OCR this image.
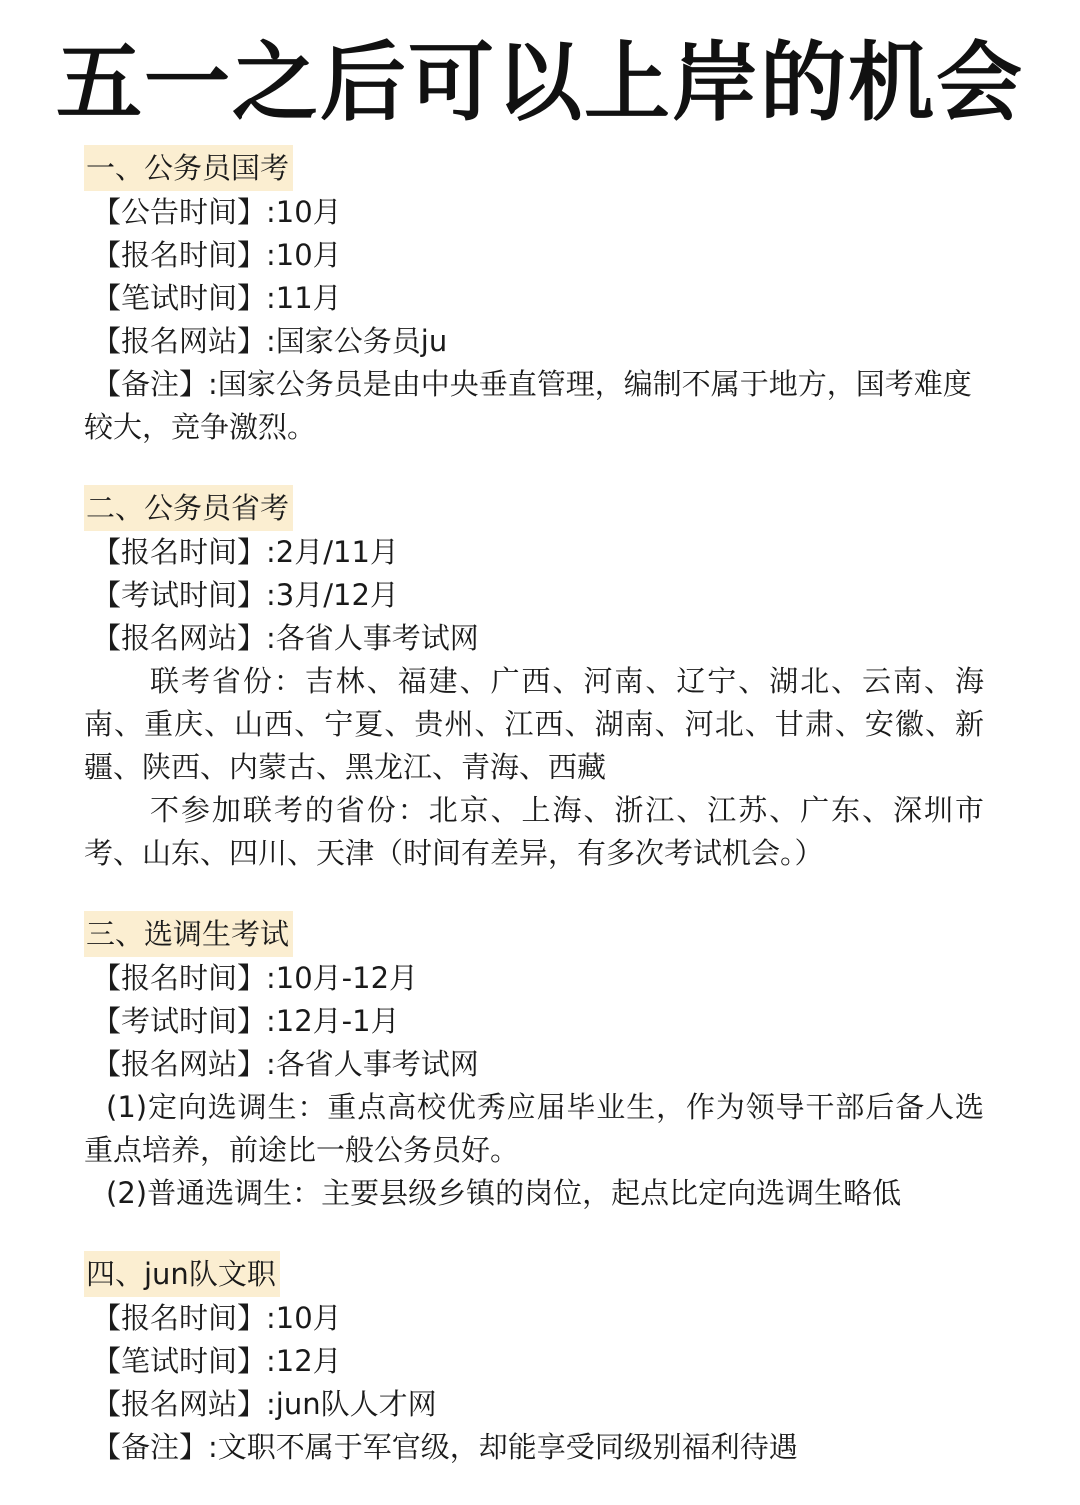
五一之后可以上岸的机会
一、公务员国考
【公告时间】:10月
【报名时间】:10月
【笔试时间】:11月
【报名网站】:国家公务员ju
【备注】:国家公务员是由中央垂直管理，编制不属于地方，国考难度较大，竞争激烈。
二、公务员省考
【报名时间】:2月/11月
【考试时间】:3月/12月
【报名网站】:各省人事考试网
联考省份：吉林、福建、广西、河南、辽宁、湖北、云南、海南、重庆、山西、宁夏、贵州、江西、湖南、河北、甘肃、安徽、新疆、陕西、内蒙古、黑龙江、青海、西藏
不参加联考的省份：北京、上海、浙江、江苏、广东、深圳市考、山东、四川、天津（时间有差异，有多次考试机会。）
三、选调生考试
【报名时间】:10月-12月
【考试时间】:12月-1月
【报名网站】:各省人事考试网
(1)定向选调生：重点高校优秀应届毕业生，作为领导干部后备人选重点培养，前途比一般公务员好。
(2)普通选调生：主要县级乡镇的岗位，起点比定向选调生略低
四、jun队文职
【报名时间】:10月
【笔试时间】:12月
【报名网站】:jun队人才网
【备注】:文职不属于军官级，却能享受同级别福利待遇
